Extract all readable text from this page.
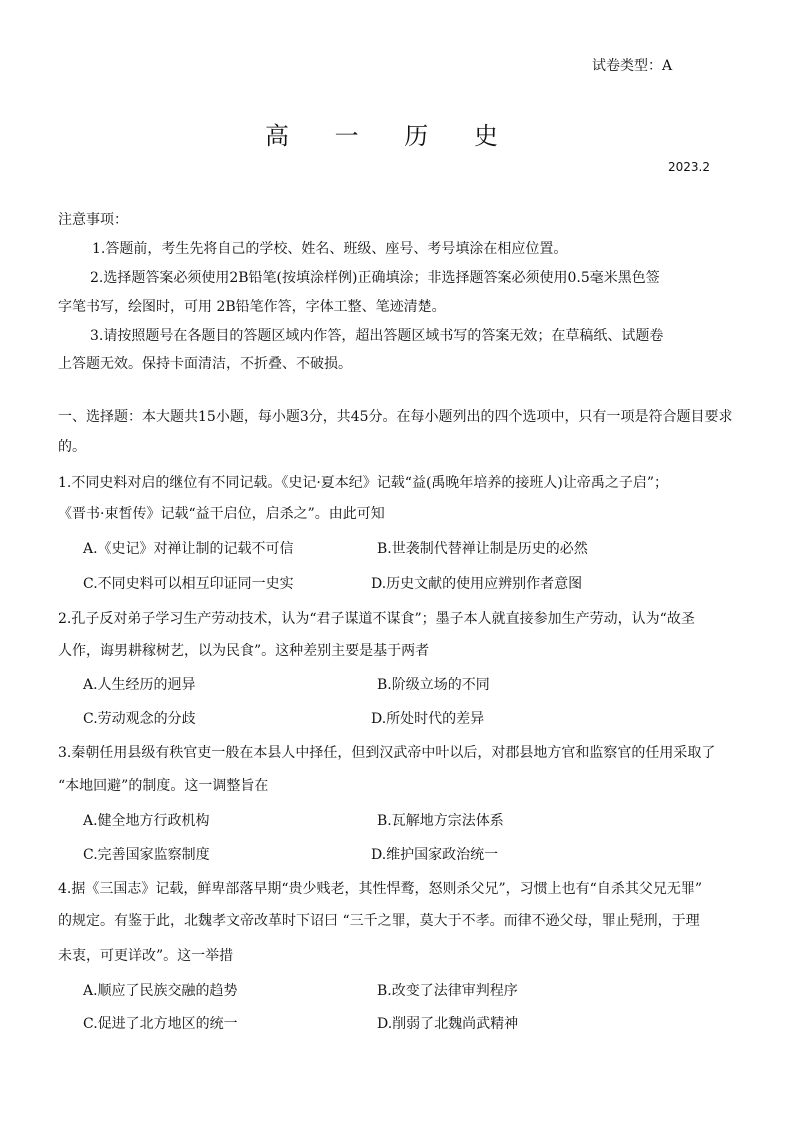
试卷类型：A
高 一 历 史
2023.2
注意事项：
1.答题前，考生先将自己的学校、姓名、班级、座号、考号填涂在相应位置。
2.选择题答案必须使用2B铅笔(按填涂样例)正确填涂；非选择题答案必须使用0.5毫米黑色签
字笔书写，绘图时，可用 2B铅笔作答，字体工整、笔迹清楚。
3.请按照题号在各题目的答题区域内作答，超出答题区域书写的答案无效；在草稿纸、试题卷
上答题无效。保持卡面清洁，不折叠、不破损。
一、选择题：本大题共15小题，每小题3分，共45分。在每小题列出的四个选项中，只有一项是符合题目要求
的。
1.不同史料对启的继位有不同记载。《史记·夏本纪》记载“益(禹晚年培养的接班人)让帝禹之子启”；
《晋书·束皙传》记载“益干启位，启杀之”。由此可知
A.《史记》对禅让制的记载不可信	B.世袭制代替禅让制是历史的必然
C.不同史料可以相互印证同一史实	D.历史文献的使用应辨别作者意图
2.孔子反对弟子学习生产劳动技术，认为“君子谋道不谋食”；墨子本人就直接参加生产劳动，认为“故圣
人作，诲男耕稼树艺，以为民食”。这种差别主要是基于两者
A.人生经历的迥异	B.阶级立场的不同
C.劳动观念的分歧	D.所处时代的差异
3.秦朝任用县级有秩官吏一般在本县人中择任，但到汉武帝中叶以后，对郡县地方官和监察官的任用采取了
“本地回避”的制度。这一调整旨在
A.健全地方行政机构	B.瓦解地方宗法体系
C.完善国家监察制度	D.维护国家政治统一
4.据《三国志》记载，鲜卑部落早期“贵少贱老，其性悍鹜，怒则杀父兄”，习惯上也有“自杀其父兄无罪”
的规定。有鉴于此，北魏孝文帝改革时下诏曰 “三千之罪，莫大于不孝。而律不逊父母，罪止髡刑，于理
未衷，可更详改”。这一举措
A.顺应了民族交融的趋势	B.改变了法律审判程序
C.促进了北方地区的统一	D.削弱了北魏尚武精神
